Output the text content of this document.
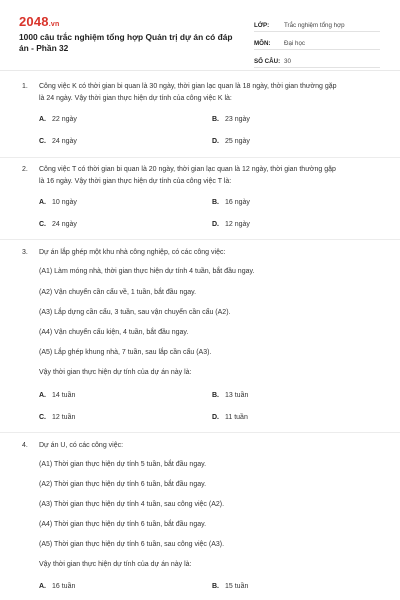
2048.vn
1000 câu trắc nghiệm tổng hợp Quản trị dự án có đáp án - Phần 32
LỚP:	Trắc nghiệm tổng hợp
MÔN:	Đại học
SỐ CÂU: 30
1.	Công việc K có thời gian bi quan là 30 ngày, thời gian lạc quan là 18 ngày, thời gian thường gặp
là 24 ngày. Vậy thời gian thực hiện dự tính của công việc K là:
A. 22 ngày	B. 23 ngày
C. 24 ngày	D. 25 ngày
2.	Công việc T có thời gian bi quan là 20 ngày, thời gian lạc quan là 12 ngày, thời gian thường gặp
là 16 ngày. Vậy thời gian thực hiện dự tính của công việc T là:
A. 10 ngày	B. 16 ngày
C. 24 ngày	D. 12 ngày
3.	Dự án lắp ghép một khu nhà công nghiệp, có các công việc:
(A1) Làm móng nhà, thời gian thực hiện dự tính 4 tuần, bắt đầu ngay.
(A2) Vận chuyển cần cẩu về, 1 tuần, bắt đầu ngay.
(A3) Lắp dựng cần cẩu, 3 tuần, sau vận chuyển cần cẩu (A2).
(A4) Vận chuyển cấu kiện, 4 tuần, bắt đầu ngay.
(A5) Lắp ghép khung nhà, 7 tuần, sau lắp cần cẩu (A3).
Vậy thời gian thực hiện dự tính của dự án này là:
A. 14 tuần	B. 13 tuần
C. 12 tuần	D. 11 tuần
4.	Dự án U, có các công việc:
(A1) Thời gian thực hiện dự tính 5 tuần, bắt đầu ngay.
(A2) Thời gian thực hiện dự tính 6 tuần, bắt đầu ngay.
(A3) Thời gian thực hiện dự tính 4 tuần, sau công việc (A2).
(A4) Thời gian thực hiện dự tính 6 tuần, bắt đầu ngay.
(A5) Thời gian thực hiện dự tính 6 tuần, sau công việc (A3).
Vậy thời gian thực hiện dự tính của dự án này là:
A. 16 tuần	B. 15 tuần
